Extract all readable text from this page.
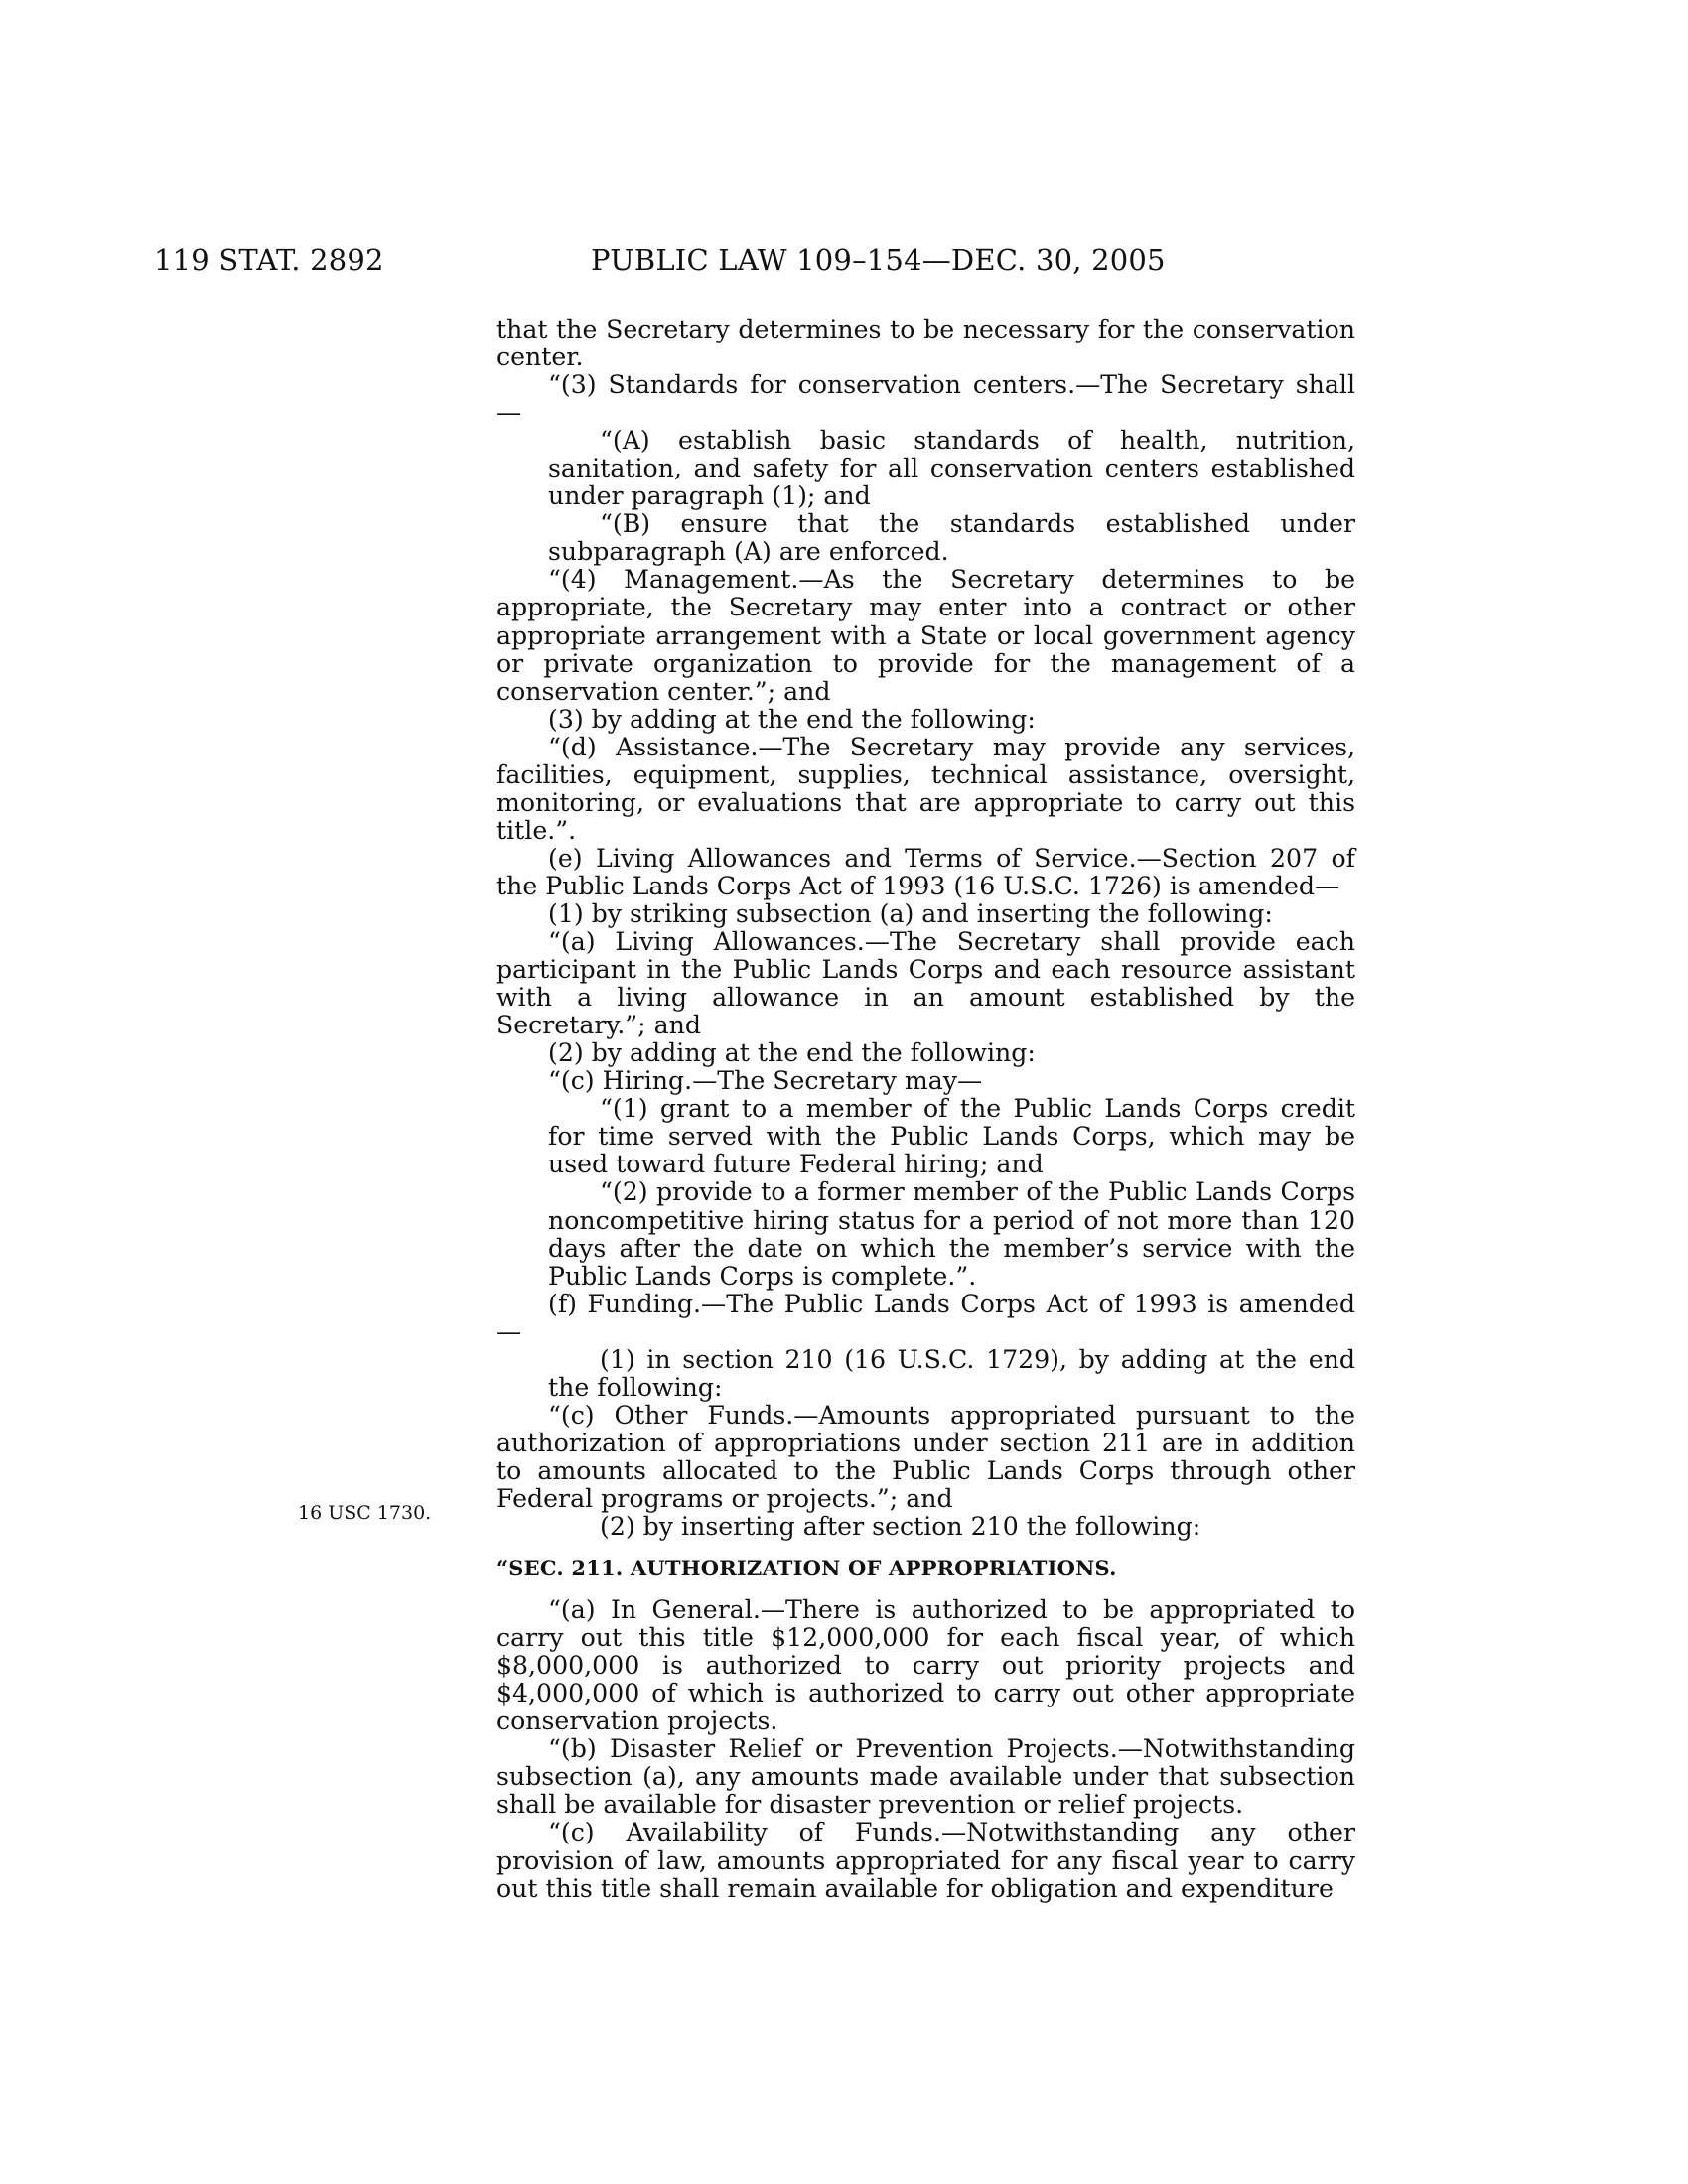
119 STAT. 2892	PUBLIC LAW 109–154—DEC. 30, 2005
16 USC 1730.

that the Secretary determines to be necessary for the conservation center.

“(3) Standards for conservation centers.—The Secretary shall—

“(A) establish basic standards of health, nutrition, sanitation, and safety for all conservation centers established under paragraph (1); and

“(B) ensure that the standards established under subparagraph (A) are enforced.

“(4) Management.—As the Secretary determines to be appropriate, the Secretary may enter into a contract or other appropriate arrangement with a State or local government agency or private organization to provide for the management of a conservation center.”; and

(3) by adding at the end the following:

“(d) Assistance.—The Secretary may provide any services, facilities, equipment, supplies, technical assistance, oversight, monitoring, or evaluations that are appropriate to carry out this title.”.

(e) Living Allowances and Terms of Service.—Section 207 of the Public Lands Corps Act of 1993 (16 U.S.C. 1726) is amended—

(1) by striking subsection (a) and inserting the following:

“(a) Living Allowances.—The Secretary shall provide each participant in the Public Lands Corps and each resource assistant with a living allowance in an amount established by the Secretary.”; and

(2) by adding at the end the following:

“(c) Hiring.—The Secretary may—

“(1) grant to a member of the Public Lands Corps credit for time served with the Public Lands Corps, which may be used toward future Federal hiring; and

“(2) provide to a former member of the Public Lands Corps noncompetitive hiring status for a period of not more than 120 days after the date on which the member’s service with the Public Lands Corps is complete.”.

(f) Funding.—The Public Lands Corps Act of 1993 is amended—

(1) in section 210 (16 U.S.C. 1729), by adding at the end the following:

“(c) Other Funds.—Amounts appropriated pursuant to the authorization of appropriations under section 211 are in addition to amounts allocated to the Public Lands Corps through other Federal programs or projects.”; and

(2) by inserting after section 210 the following:

“SEC. 211. AUTHORIZATION OF APPROPRIATIONS.

“(a) In General.—There is authorized to be appropriated to carry out this title $12,000,000 for each fiscal year, of which $8,000,000 is authorized to carry out priority projects and $4,000,000 of which is authorized to carry out other appropriate conservation projects.

“(b) Disaster Relief or Prevention Projects.—Notwithstanding subsection (a), any amounts made available under that subsection shall be available for disaster prevention or relief projects.

“(c) Availability of Funds.—Notwithstanding any other provision of law, amounts appropriated for any fiscal year to carry out this title shall remain available for obligation and expenditure
